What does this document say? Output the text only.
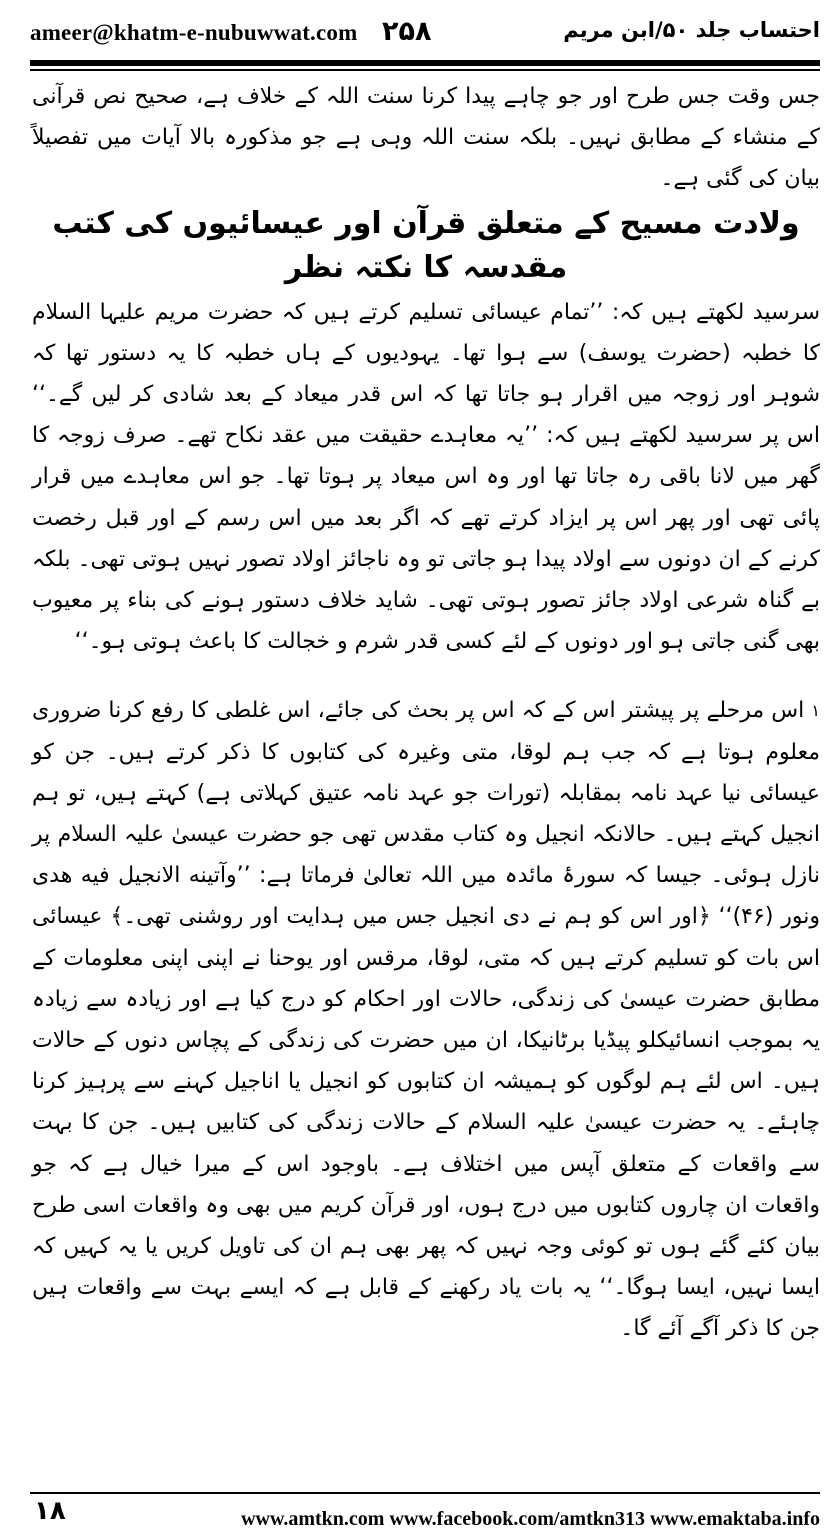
ameer@khatm-e-nubuwwat.com ۲۵۸	احتساب جلد ۵۰/ابن مریم

جس وقت جس طرح اور جو چاہے پیدا کرنا سنت اللہ کے خلاف ہے، صحیح نص قرآنی کے منشاء کے مطابق نہیں۔ بلکہ سنت اللہ وہی ہے جو مذکورہ بالا آیات میں تفصیلاً بیان کی گئی ہے۔

ولادت مسیح کے متعلق قرآن اور عیسائیوں کی کتب مقدسہ کا نکتہ نظر

سرسید لکھتے ہیں کہ: ’’تمام عیسائی تسلیم کرتے ہیں کہ حضرت مریم علیہا السلام کا خطبہ (حضرت یوسف) سے ہوا تھا۔ یہودیوں کے ہاں خطبہ کا یہ دستور تھا کہ شوہر اور زوجہ میں اقرار ہو جاتا تھا کہ اس قدر میعاد کے بعد شادی کر لیں گے۔‘‘ اس پر سرسید لکھتے ہیں کہ: ’’یہ معاہدے حقیقت میں عقد نکاح تھے۔ صرف زوجہ کا گھر میں لانا باقی رہ جاتا تھا اور وہ اس میعاد پر ہوتا تھا۔ جو اس معاہدے میں قرار پائی تھی اور پھر اس پر ایزاد کرتے تھے کہ اگر بعد میں اس رسم کے اور قبل رخصت کرنے کے ان دونوں سے اولاد پیدا ہو جاتی تو وہ ناجائز اولاد تصور نہیں ہوتی تھی۔ بلکہ بے گناہ شرعی اولاد جائز تصور ہوتی تھی۔ شاید خلاف دستور ہونے کی بناء پر معیوب بھی گنی جاتی ہو اور دونوں کے لئے کسی قدر شرم و خجالت کا باعث ہوتی ہو۔‘‘

$^۱$ اس مرحلے پر پیشتر اس کے کہ اس پر بحث کی جائے، اس غلطی کا رفع کرنا ضروری معلوم ہوتا ہے کہ جب ہم لوقا، متی وغیرہ کی کتابوں کا ذکر کرتے ہیں۔ جن کو عیسائی نیا عہد نامہ بمقابلہ (تورات جو عہد نامہ عتیق کہلاتی ہے) کہتے ہیں، تو ہم انجیل کہتے ہیں۔ حالانکہ انجیل وہ کتاب مقدس تھی جو حضرت عیسیٰ علیہ السلام پر نازل ہوئی۔ جیسا کہ سورۂ مائدہ میں اللہ تعالیٰ فرماتا ہے: ’’وآتینه الانجیل فیه هدی ونور (۴۶)‘‘ ﴿اور اس کو ہم نے دی انجیل جس میں ہدایت اور روشنی تھی۔﴾ عیسائی اس بات کو تسلیم کرتے ہیں کہ متی، لوقا، مرقس اور یوحنا نے اپنی اپنی معلومات کے مطابق حضرت عیسیٰ کی زندگی، حالات اور احکام کو درج کیا ہے اور زیادہ سے زیادہ یہ بموجب انسائیکلو پیڈیا برٹانیکا، ان میں حضرت کی زندگی کے پچاس دنوں کے حالات ہیں۔ اس لئے ہم لوگوں کو ہمیشہ ان کتابوں کو انجیل یا اناجیل کہنے سے پرہیز کرنا چاہئے۔ یہ حضرت عیسیٰ علیہ السلام کے حالات زندگی کی کتابیں ہیں۔ جن کا بہت سے واقعات کے متعلق آپس میں اختلاف ہے۔ باوجود اس کے میرا خیال ہے کہ جو واقعات ان چاروں کتابوں میں درج ہوں، اور قرآن کریم میں بھی وہ واقعات اسی طرح بیان کئے گئے ہوں تو کوئی وجہ نہیں کہ پھر بھی ہم ان کی تاویل کریں یا یہ کہیں کہ ایسا نہیں، ایسا ہوگا۔‘‘ یہ بات یاد رکھنے کے قابل ہے کہ ایسے بہت سے واقعات ہیں جن کا ذکر آگے آئے گا۔

۱۸	www.amtkn.com www.facebook.com/amtkn313 www.emaktaba.info
